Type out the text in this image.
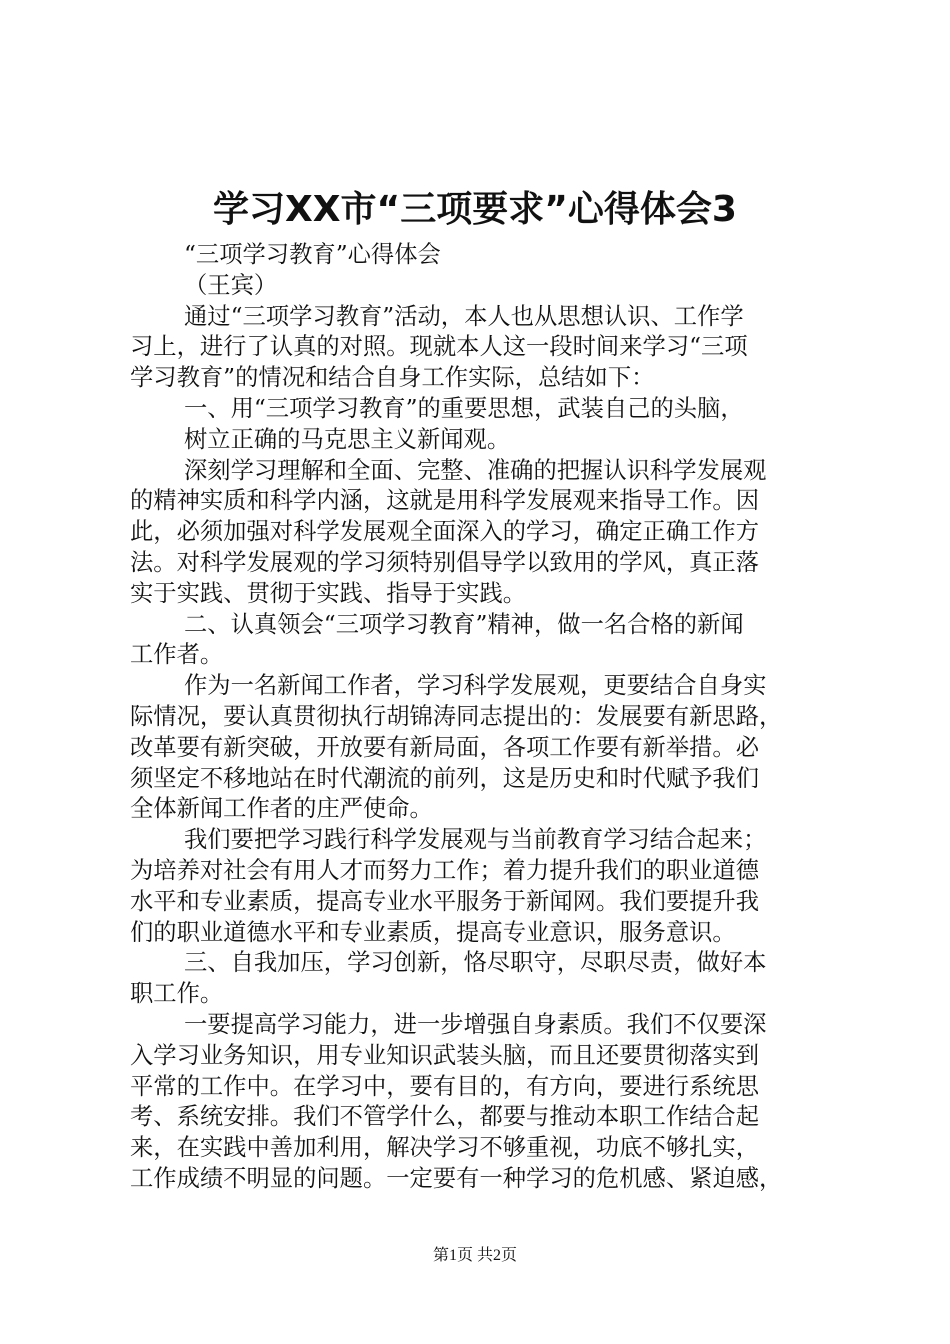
学习XX市“三项要求”心得体会3
“三项学习教育”心得体会
（王宾）
通过“三项学习教育”活动，本人也从思想认识、工作学
习上，进行了认真的对照。现就本人这一段时间来学习“三项
学习教育”的情况和结合自身工作实际，总结如下：
一、用“三项学习教育”的重要思想，武装自己的头脑，
树立正确的马克思主义新闻观。
深刻学习理解和全面、完整、准确的把握认识科学发展观
的精神实质和科学内涵，这就是用科学发展观来指导工作。因
此，必须加强对科学发展观全面深入的学习，确定正确工作方
法。对科学发展观的学习须特别倡导学以致用的学风，真正落
实于实践、贯彻于实践、指导于实践。
二、认真领会“三项学习教育”精神，做一名合格的新闻
工作者。
作为一名新闻工作者，学习科学发展观，更要结合自身实
际情况，要认真贯彻执行胡锦涛同志提出的：发展要有新思路，
改革要有新突破，开放要有新局面，各项工作要有新举措。必
须坚定不移地站在时代潮流的前列，这是历史和时代赋予我们
全体新闻工作者的庄严使命。
我们要把学习践行科学发展观与当前教育学习结合起来；
为培养对社会有用人才而努力工作；着力提升我们的职业道德
水平和专业素质，提高专业水平服务于新闻网。我们要提升我
们的职业道德水平和专业素质，提高专业意识，服务意识。
三、自我加压，学习创新，恪尽职守，尽职尽责，做好本
职工作。
一要提高学习能力，进一步增强自身素质。我们不仅要深
入学习业务知识，用专业知识武装头脑，而且还要贯彻落实到
平常的工作中。在学习中，要有目的，有方向，要进行系统思
考、系统安排。我们不管学什么，都要与推动本职工作结合起
来，在实践中善加利用，解决学习不够重视，功底不够扎实，
工作成绩不明显的问题。一定要有一种学习的危机感、紧迫感，
第1页 共2页
